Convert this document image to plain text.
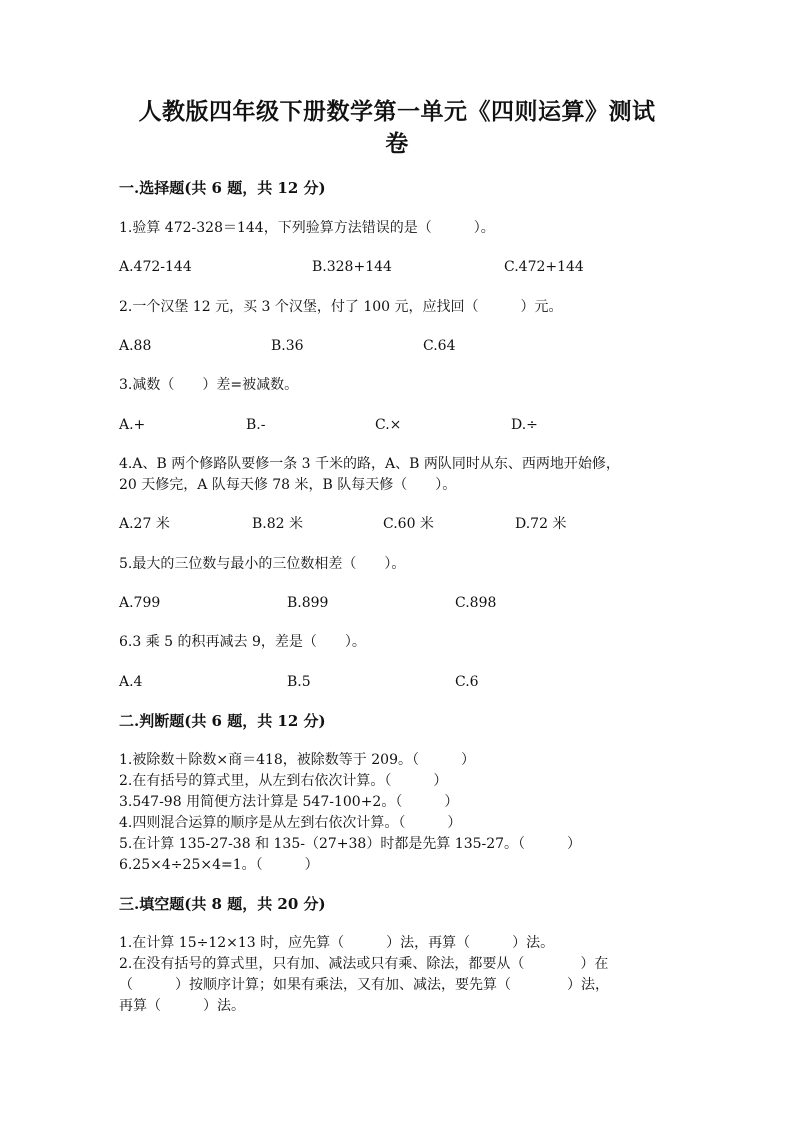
人教版四年级下册数学第一单元《四则运算》测试
卷
一.选择题(共 6 题，共 12 分)
1.验算 472-328＝144，下列验算方法错误的是（　　　）。
A.472-144	B.328+144	C.472+144
2.一个汉堡 12 元，买 3 个汉堡，付了 100 元，应找回（　　　）元。
A.88	B.36	C.64
3.减数（　　）差=被减数。
A.+	B.-	C.×	D.÷
4.A、B 两个修路队要修一条 3 千米的路，A、B 两队同时从东、西两地开始修，
20 天修完，A 队每天修 78 米，B 队每天修（　　）。
A.27 米	B.82 米	C.60 米	D.72 米
5.最大的三位数与最小的三位数相差（　　）。
A.799	B.899	C.898
6.3 乘 5 的积再减去 9，差是（　　）。
A.4	B.5	C.6
二.判断题(共 6 题，共 12 分)
1.被除数＋除数×商＝418，被除数等于 209。（　　　）
2.在有括号的算式里，从左到右依次计算。（　　　）
3.547-98 用简便方法计算是 547-100+2。（　　　）
4.四则混合运算的顺序是从左到右依次计算。（　　　）
5.在计算 135-27-38 和 135-（27+38）时都是先算 135-27。（　　　）
6.25×4÷25×4=1。（　　　）
三.填空题(共 8 题，共 20 分)
1.在计算 15÷12×13 时，应先算（　　　）法，再算（　　　）法。
2.在没有括号的算式里，只有加、减法或只有乘、除法，都要从（　　　　）在
（　　　）按顺序计算；如果有乘法，又有加、减法，要先算（　　　　）法，
再算（　　　）法。
